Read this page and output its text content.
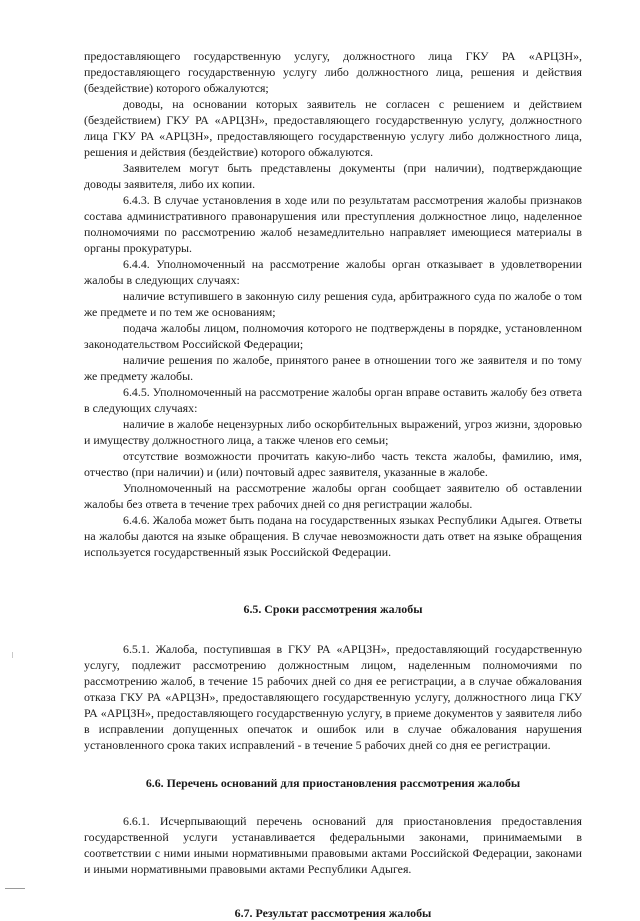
предоставляющего государственную услугу, должностного лица ГКУ РА «АРЦЗН», предоставляющего государственную услугу либо должностного лица, решения и действия (бездействие) которого обжалуются;

доводы, на основании которых заявитель не согласен с решением и действием (бездействием) ГКУ РА «АРЦЗН», предоставляющего государственную услугу, должностного лица ГКУ РА «АРЦЗН», предоставляющего государственную услугу либо должностного лица, решения и действия (бездействие) которого обжалуются.

Заявителем могут быть представлены документы (при наличии), подтверждающие доводы заявителя, либо их копии.

6.4.3. В случае установления в ходе или по результатам рассмотрения жалобы признаков состава административного правонарушения или преступления должностное лицо, наделенное полномочиями по рассмотрению жалоб незамедлительно направляет имеющиеся материалы в органы прокуратуры.

6.4.4. Уполномоченный на рассмотрение жалобы орган отказывает в удовлетворении жалобы в следующих случаях:

наличие вступившего в законную силу решения суда, арбитражного суда по жалобе о том же предмете и по тем же основаниям;

подача жалобы лицом, полномочия которого не подтверждены в порядке, установленном законодательством Российской Федерации;

наличие решения по жалобе, принятого ранее в отношении того же заявителя и по тому же предмету жалобы.

6.4.5. Уполномоченный на рассмотрение жалобы орган вправе оставить жалобу без ответа в следующих случаях:

наличие в жалобе нецензурных либо оскорбительных выражений, угроз жизни, здоровью и имуществу должностного лица, а также членов его семьи;

отсутствие возможности прочитать какую-либо часть текста жалобы, фамилию, имя, отчество (при наличии) и (или) почтовый адрес заявителя, указанные в жалобе.

Уполномоченный на рассмотрение жалобы орган сообщает заявителю об оставлении жалобы без ответа в течение трех рабочих дней со дня регистрации жалобы.

6.4.6. Жалоба может быть подана на государственных языках Республики Адыгея. Ответы на жалобы даются на языке обращения. В случае невозможности дать ответ на языке обращения используется государственный язык Российской Федерации.

6.5. Сроки рассмотрения жалобы

6.5.1. Жалоба, поступившая в ГКУ РА «АРЦЗН», предоставляющий государственную услугу, подлежит рассмотрению должностным лицом, наделенным полномочиями по рассмотрению жалоб, в течение 15 рабочих дней со дня ее регистрации, а в случае обжалования отказа ГКУ РА «АРЦЗН», предоставляющего государственную услугу, должностного лица ГКУ РА «АРЦЗН», предоставляющего государственную услугу, в приеме документов у заявителя либо в исправлении допущенных опечаток и ошибок или в случае обжалования нарушения установленного срока таких исправлений - в течение 5 рабочих дней со дня ее регистрации.

6.6. Перечень оснований для приостановления рассмотрения жалобы

6.6.1. Исчерпывающий перечень оснований для приостановления предоставления государственной услуги устанавливается федеральными законами, принимаемыми в соответствии с ними иными нормативными правовыми актами Российской Федерации, законами и иными нормативными правовыми актами Республики Адыгея.

6.7. Результат рассмотрения жалобы
